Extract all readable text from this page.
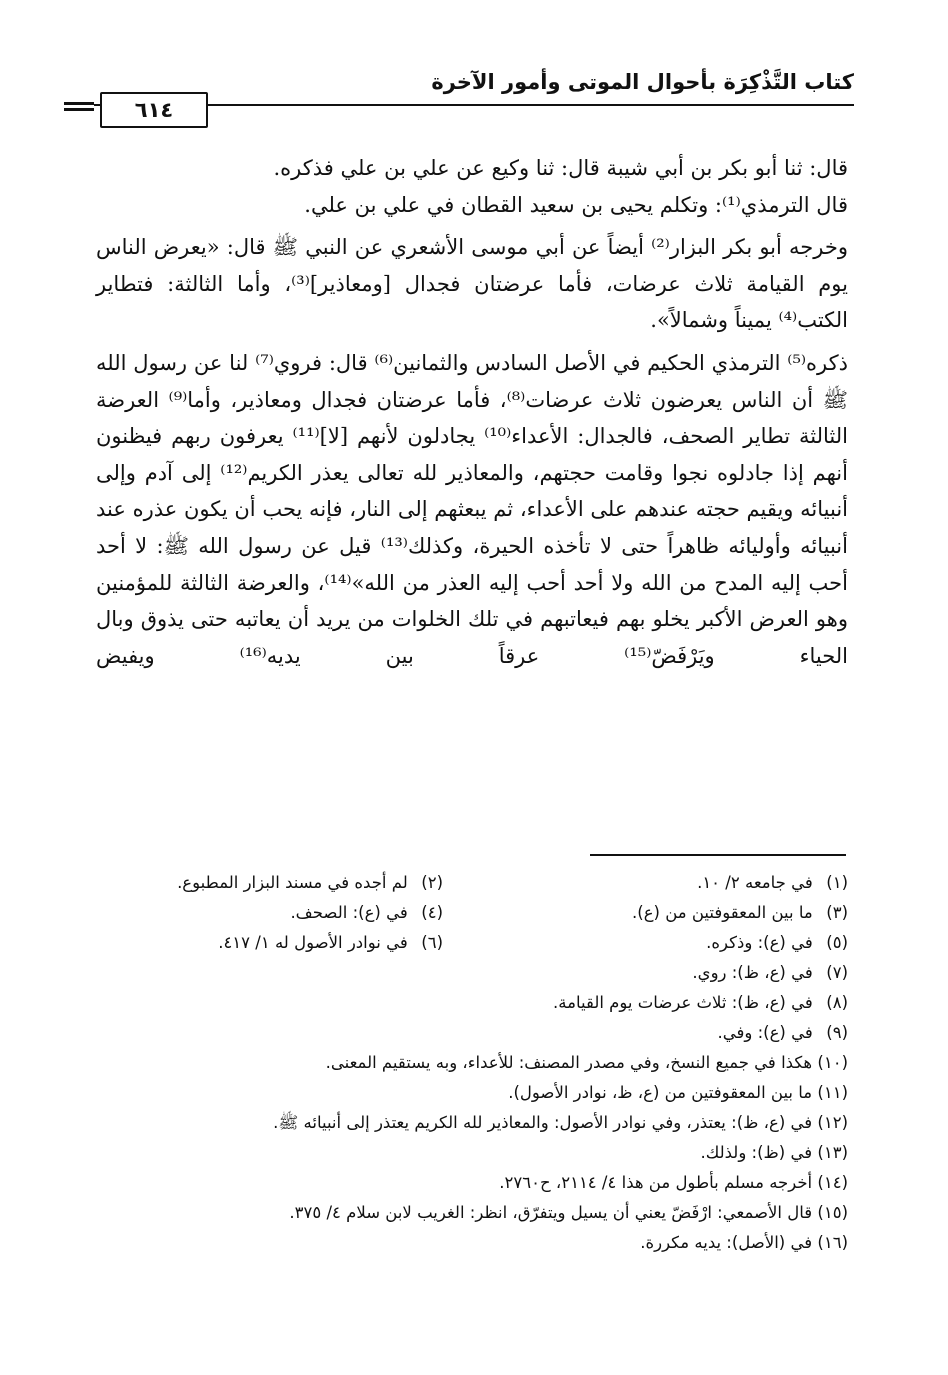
كتاب التَّذْكِرَة بأحوال الموتى وأمور الآخرة
٦١٤

قال: ثنا أبو بكر بن أبي شيبة قال: ثنا وكيع عن علي بن علي فذكره.

قال الترمذي⁽¹⁾: وتكلم يحيى بن سعيد القطان في علي بن علي.

وخرجه أبو بكر البزار⁽²⁾ أيضاً عن أبي موسى الأشعري عن النبي ﷺ قال: «يعرض الناس يوم القيامة ثلاث عرضات، فأما عرضتان فجدال [ومعاذير]⁽³⁾، وأما الثالثة: فتطاير الكتب⁽⁴⁾ يميناً وشمالاً».

ذكره⁽⁵⁾ الترمذي الحكيم في الأصل السادس والثمانين⁽⁶⁾ قال: فروي⁽⁷⁾ لنا عن رسول الله ﷺ أن الناس يعرضون ثلاث عرضات⁽⁸⁾، فأما عرضتان فجدال ومعاذير، وأما⁽⁹⁾ العرضة الثالثة تطاير الصحف، فالجدال: الأعداء⁽¹⁰⁾ يجادلون لأنهم [لا]⁽¹¹⁾ يعرفون ربهم فيظنون أنهم إذا جادلوه نجوا وقامت حجتهم، والمعاذير لله تعالى يعذر الكريم⁽¹²⁾ إلى آدم وإلى أنبيائه ويقيم حجته عندهم على الأعداء، ثم يبعثهم إلى النار، فإنه يحب أن يكون عذره عند أنبيائه وأوليائه ظاهراً حتى لا تأخذه الحيرة، وكذلك⁽¹³⁾ قيل عن رسول الله ﷺ: لا أحد أحب إليه المدح من الله ولا أحد أحب إليه العذر من الله»⁽¹⁴⁾، والعرضة الثالثة للمؤمنين وهو العرض الأكبر يخلو بهم فيعاتبهم في تلك الخلوات من يريد أن يعاتبه حتى يذوق وبال الحياء ويَرْفَضّ⁽¹⁵⁾ عرقاً بين يديه⁽¹⁶⁾ ويفيض

(١) في جامعه ٢/ ١٠.
(٢) لم أجده في مسند البزار المطبوع.
(٣) ما بين المعقوفتين من (ع).
(٤) في (ع): الصحف.
(٥) في (ع): وذكره.
(٦) في نوادر الأصول له ١/ ٤١٧.
(٧) في (ع، ظ): روي.
(٨) في (ع، ظ): ثلاث عرضات يوم القيامة.
(٩) في (ع): وفي.
(١٠) هكذا في جميع النسخ، وفي مصدر المصنف: للأعداء، وبه يستقيم المعنى.
(١١) ما بين المعقوفتين من (ع، ظ، نوادر الأصول).
(١٢) في (ع، ظ): يعتذر، وفي نوادر الأصول: والمعاذير لله الكريم يعتذر إلى أنبيائه ﷺ.
(١٣) في (ظ): ولذلك.
(١٤) أخرجه مسلم بأطول من هذا ٤/ ٢١١٤، ح٢٧٦٠.
(١٥) قال الأصمعي: ارْفَضّ يعني أن يسيل ويتفرّق، انظر: الغريب لابن سلام ٤/ ٣٧٥.
(١٦) في (الأصل): يديه مكررة.
